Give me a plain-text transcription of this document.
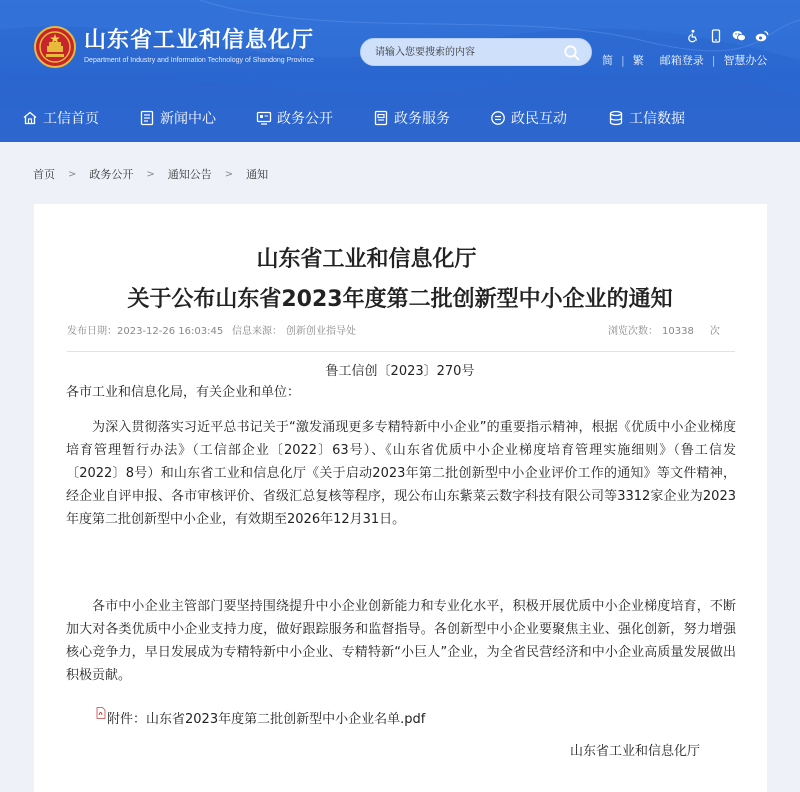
山东省工业和信息化厅
Department of Industry and Information Technology of Shandong Province
请输入您要搜索的内容	简 | 繁 邮箱登录 | 智慧办公
工信首页	新闻中心	政务公开	政务服务	政民互动	工信数据
首页 > 政务公开 > 通知公告 > 通知
山东省工业和信息化厅
关于公布山东省2023年度第二批创新型中小企业的通知
发布日期：2023-12-26 16:03:45 信息来源： 创新创业指导处	浏览次数： 10338 次
鲁工信创〔2023〕270号
各市工业和信息化局，有关企业和单位：
为深入贯彻落实习近平总书记关于“激发涌现更多专精特新中小企业”的重要指示精神，根据《优质中小企业梯度培育管理暂行办法》（工信部企业〔2022〕63号）、《山东省优质中小企业梯度培育管理实施细则》（鲁工信发〔2022〕8号）和山东省工业和信息化厅《关于启动2023年第二批创新型中小企业评价工作的通知》等文件精神，经企业自评申报、各市审核评价、省级汇总复核等程序，现公布山东紫菜云数字科技有限公司等3312家企业为2023年度第二批创新型中小企业，有效期至2026年12月31日。
各市中小企业主管部门要坚持围绕提升中小企业创新能力和专业化水平，积极开展优质中小企业梯度培育，不断加大对各类优质中小企业支持力度，做好跟踪服务和监督指导。各创新型中小企业要聚焦主业、强化创新，努力增强核心竞争力，早日发展成为专精特新中小企业、专精特新“小巨人”企业，为全省民营经济和中小企业高质量发展做出积极贡献。
附件：山东省2023年度第二批创新型中小企业名单.pdf
山东省工业和信息化厅
